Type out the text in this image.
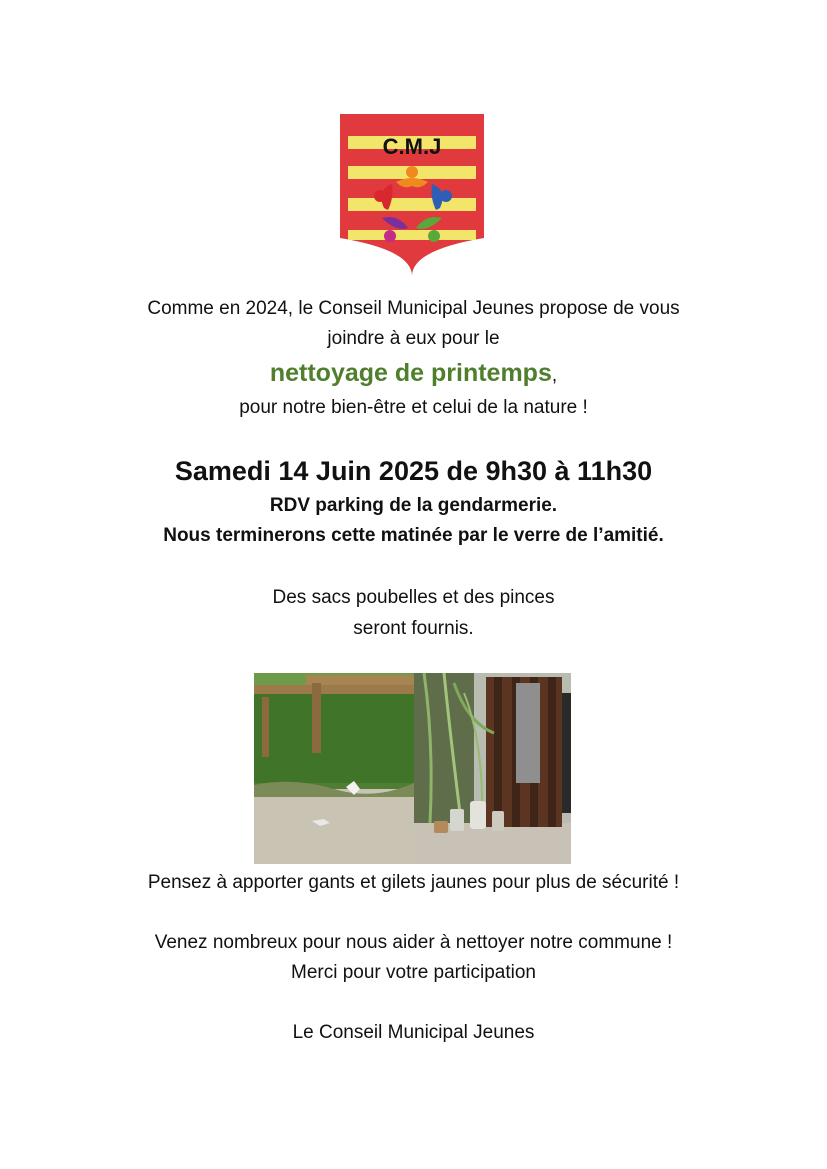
C.M.J
Comme en 2024, le Conseil Municipal Jeunes propose de vous
joindre à eux pour le
nettoyage de printemps,
pour notre bien-être et celui de la nature !
Samedi 14 Juin 2025 de 9h30 à 11h30
RDV parking de la gendarmerie.
Nous terminerons cette matinée par le verre de l’amitié.
Des sacs poubelles et des pinces
seront fournis.
Pensez à apporter gants et gilets jaunes pour plus de sécurité !
Venez nombreux pour nous aider à nettoyer notre commune !
Merci pour votre participation
Le Conseil Municipal Jeunes
